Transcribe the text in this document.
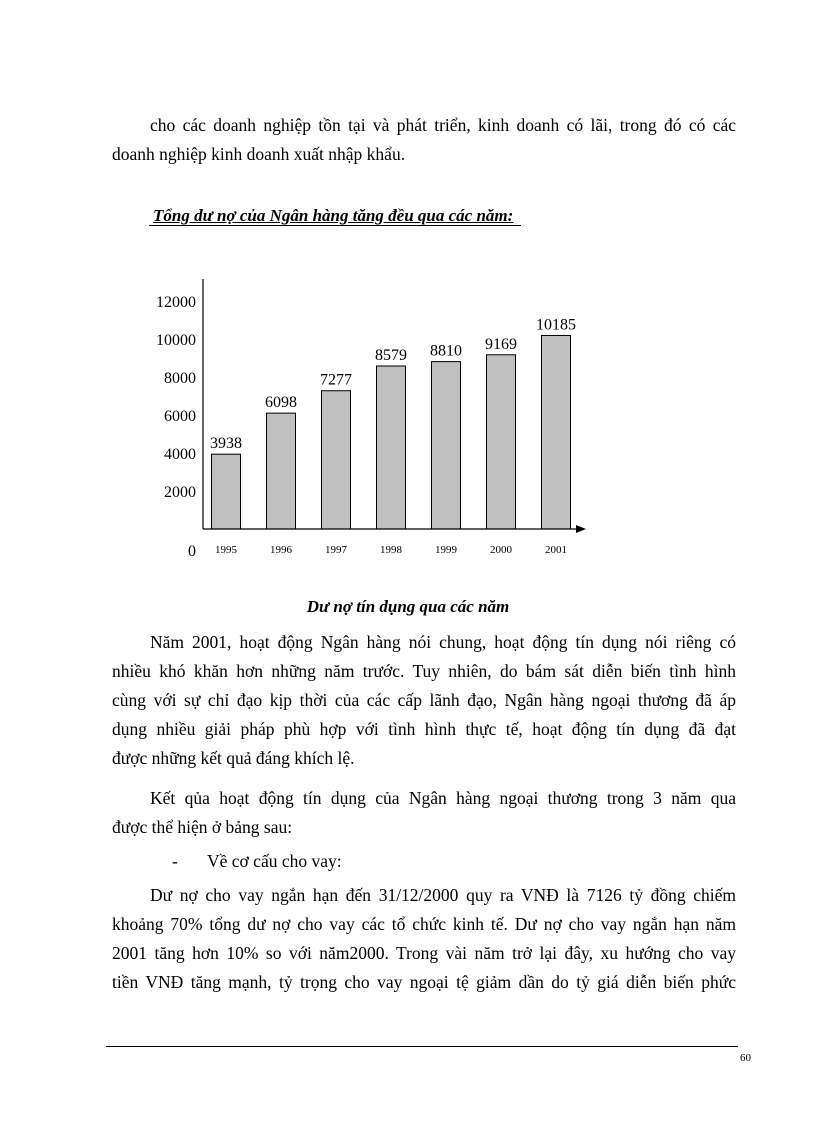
cho các doanh nghiệp tồn tại và phát triển, kinh doanh có lãi, trong đó có các
doanh nghiệp kinh doanh xuất nhập khẩu.
Tổng dư nợ của Ngân hàng tăng đều qua các năm:
3938
1995
6098
1996
7277
1997
8579
1998
8810
1999
9169
2000
10185
2001
0
2000
4000
6000
8000
10000
12000
Dư nợ tín dụng qua các năm
Năm 2001, hoạt động Ngân hàng nói chung, hoạt động tín dụng nói riêng có
nhiều khó khăn hơn những năm trước. Tuy nhiên, do bám sát diễn biến tình hình
cùng với sự chỉ đạo kịp thời của các cấp lãnh đạo, Ngân hàng ngoại thương đã áp
dụng nhiều giải pháp phù hợp với tình hình thực tế, hoạt động tín dụng đã đạt
được những kết quả đáng khích lệ.
Kết qủa hoạt động tín dụng của Ngân hàng ngoại thương trong 3 năm qua
được thể hiện ở bảng sau:
- Về cơ cấu cho vay:
Dư nợ cho vay ngắn hạn đến 31/12/2000 quy ra VNĐ là 7126 tỷ đồng chiếm
khoảng 70% tổng dư nợ cho vay các tổ chức kinh tế. Dư nợ cho vay ngắn hạn năm
2001 tăng hơn 10% so với năm2000. Trong vài năm trở lại đây, xu hướng cho vay
tiền VNĐ tăng mạnh, tỷ trọng cho vay ngoại tệ giảm dần do tỷ giá diễn biến phức
60
